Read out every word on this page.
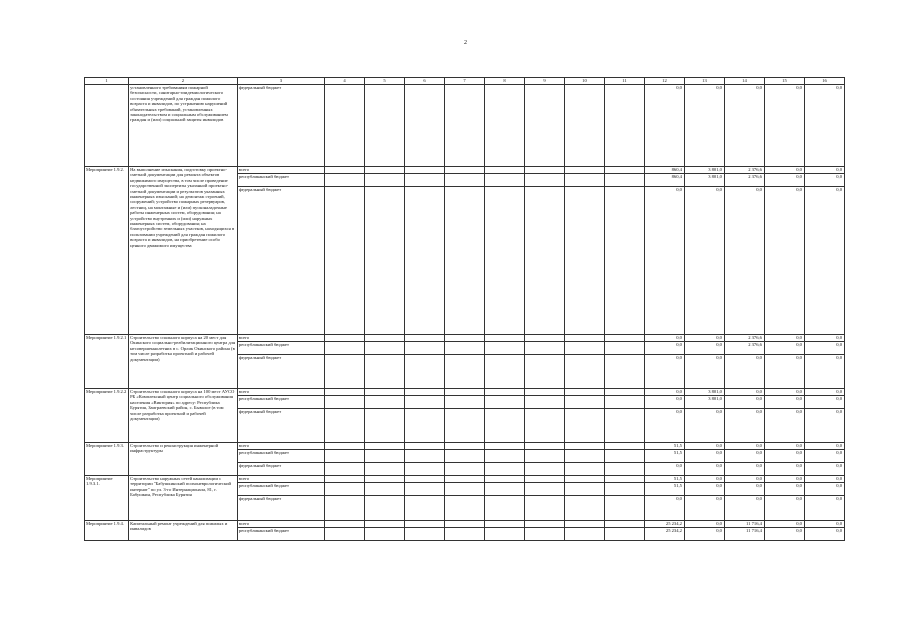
2
1	2	3	4	5	6	7	8	9	10	11	12	13	14	15	16
	установленного требованиям пожарной безопасности, санитарно-эпидемиологического состояния учреждений для граждан пожилого возраста и инвалидов, по устранению нарушений обязательных требований, установленных законодательством и социальным обслуживанием граждан и (или) социальной защиты инвалидов	федеральный бюджет									0,0	0,0	0,0	0,0	0,0
Мероприятие 1.9.2.	На выполнение изыскания, подготовку проектно-сметной документации для ремонта объектов недвижимого имущества, в том числе проведение государственной экспертизы указанной проектно-сметной документации и результатов указанных инженерных изысканий; на демонтаж строений, сооружений; устройство пожарных резервуаров, лестниц, на монтажные и (или) пусконаладочные работы инженерных систем, оборудования; на устройство внутренних и (или) наружных инженерных систем, оборудования; на благоустройство земельных участков, находящихся в пользовании учреждений для граждан пожилого возраста и инвалидов, на приобретение особо ценного движимого имущества	всего									860,4	3 801,0	2 376,6	0,0	0,0
		республиканский бюджет									860,4	3 801,0	2 376,6	0,0	0,0
		федеральный бюджет									0,0	0,0	0,0	0,0	0,0
Мероприятие 1.9.2.1	Строительство спального корпуса на 20 мест для Окинского социально-реабилитационного центра для несовершеннолетних в с. Орлик Окинского района (в том числе разработка проектной и рабочей документации)	всего									0,0	0,0	2 376,6	0,0	0,0
		республиканский бюджет									0,0	0,0	2 376,6	0,0	0,0
		федеральный бюджет									0,0	0,0	0,0	0,0	0,0
Мероприятие 1.9.2.2	Строительство спального корпуса на 100 мест АУСО РБ «Комплексный центр социального обслуживания населения «Виктория» по адресу: Республика Бурятия, Заиграевский район, с. Бывалое (в том числе разработка проектной и рабочей документации)	всего									0,0	3 801,0	0,0	0,0	0,0
		республиканский бюджет									0,0	3 801,0	0,0	0,0	0,0
		федеральный бюджет									0,0	0,0	0,0	0,0	0,0
Мероприятие 1.9.3.	Строительство и реконструкция инженерной инфраструктуры	всего									51,5	0,0	0,0	0,0	0,0
		республиканский бюджет									51,5	0,0	0,0	0,0	0,0
		федеральный бюджет									0,0	0,0	0,0	0,0	0,0
Мероприятие 1.9.3.1.	Строительство наружных сетей канализации с территории "Бабушкинский психоневрологический интернат" по ул. 3-го Интернационала, 81, г. Бабушкин, Республика Бурятия	всего									51,5	0,0	0,0	0,0	0,0
		республиканский бюджет									51,5	0,0	0,0	0,0	0,0
		федеральный бюджет									0,0	0,0	0,0	0,0	0,0
Мероприятие 1.9.4.	Капитальный ремонт учреждений для пожилых и инвалидов	всего									25 234,2	0,0	11 716,4	0,0	0,0
		республиканский бюджет									25 234,2	0,0	11 716,4	0,0	0,0
